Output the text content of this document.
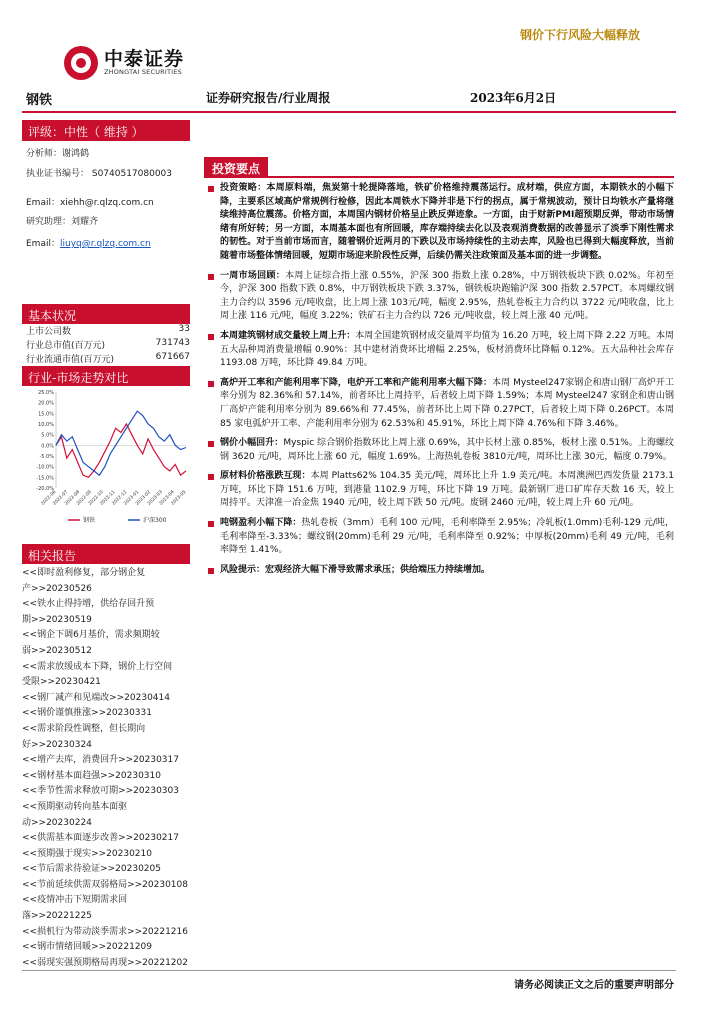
中泰证券
ZHONGTAI SECURITIES
钢价下行风险大幅释放
钢铁	证券研究报告/行业周报	2023年6月2日
评级：中性（ 维持 ）
分析师：谢鸿鹤
执业证书编号： S0740517080003
Email：xiehh@r.qlzq.com.cn
研究助理：刘耀齐
Email：liuyq@r.qlzq.com.cn
基本状况
行业-市场走势对比
25.0%
20.0%
15.0%
10.0%
5.0%
0.0%
-5.0%
-10.0%
-15.0%
-20.0%
2022-06
2022-07
2022-08
2022-09
2022-10
2022-11
2022-12
2023-01
2023-02
2023-03
2023-04
2023-05
钢铁	沪深300
相关报告
<<即时盈利修复，部分钢企复
产>>20230526
<<铁水止得持增，供给存回升预
期>>20230519
<<钢企下调6月基价，需求频期较
弱>>20230512
<<需求放缓成本下降，钢价上行空间
受限>>20230421
<<钢厂减产和见端改>>20230414
<<钢价谨慎推涨>>20230331
<<需求阶段性调整，但长期向
好>>20230324
<<增产去库，消费回升>>20230317
<<钢材基本面趋强>>20230310
<<季节性需求释放可期>>20230303
<<预期驱动转向基本面驱
动>>20230224
<<供需基本面逐步改善>>20230217
<<预期强于现实>>20230210
<<节后需求待验证>>20230205
<<节前延续供需双弱格局>>20230108
<<疫情冲击下短期需求回
落>>20221225
<<损机行为带动淡季需求>>20221216
<<钢市情绪回暖>>20221209
<<弱现实强预期格局再现>>20221202
投资要点
投资策略：本周原料端，焦炭第十轮提降落地，铁矿价格维持震荡运行。成材端，供应方面，本期铁水的小幅下降，主要系区域高炉常规例行检修，因此本周铁水下降并非是下行的拐点，属于常规波动，预计日均铁水产量将继续维持高位震荡。价格方面，本周国内钢材价格呈止跌反弹迹象。一方面，由于财新PMI超预期反弹，带动市场情绪有所好转；另一方面，本周基本面也有所回暖，库存端持续去化以及表观消费数据的改善显示了淡季下刚性需求的韧性。对于当前市场而言，随着钢价近两月的下跌以及市场持续性的主动去库，风险也已得到大幅度释放，当前随着市场整体情绪回暖，短期市场迎来阶段性反弹，后续仍需关注政策面及基本面的进一步调整。
一周市场回顾：本周上证综合指上涨 0.55%，沪深 300 指数上涨 0.28%，中万钢铁板块下跌 0.02%。年初至今，沪深 300 指数下跌 0.8%，中万钢铁板块下跌 3.37%，钢铁板块跑输沪深 300 指数 2.57PCT。本周螺纹钢主力合约以 3596 元/吨收盘，比上周上涨 103元/吨，幅度 2.95%，热轧卷板主力合约以 3722 元/吨收盘，比上周上涨 116 元/吨，幅度 3.22%；铁矿石主力合约以 726 元/吨收盘，较上周上涨 40 元/吨。
本周建筑钢材成交量较上周上升：本周全国建筑钢材成交量周平均值为 16.20 万吨，较上周下降 2.22 万吨。本周五大品种周消费量增幅 0.90%：其中建材消费环比增幅 2.25%，板材消费环比降幅 0.12%。五大品种社会库存 1193.08 万吨，环比降 49.84 万吨。
高炉开工率和产能利用率下降，电炉开工率和产能利用率大幅下降：本周 Mysteel247家钢企和唐山钢厂高炉开工率分别为 82.36%和 57.14%，前者环比上周持平，后者较上周下降 1.59%；本周 Mysteel247 家钢企和唐山钢厂高炉产能利用率分别为 89.66%和 77.45%，前者环比上周下降 0.27PCT，后者较上周下降 0.26PCT。本周 85 家电弧炉开工率、产能利用率分别为 62.53%和 45.91%，环比上周下降 4.76%和下降 3.46%。
钢价小幅回升：Myspic 综合钢价指数环比上周上涨 0.69%，其中长材上涨 0.85%，板材上涨 0.51%。上海螺纹钢 3620 元/吨，周环比上涨 60 元，幅度 1.69%。上海热轧卷板 3810元/吨，周环比上涨 30元，幅度 0.79%。
原材料价格涨跌互现：本周 Platts62% 104.35 美元/吨，周环比上升 1.9 美元/吨。本周澳洲巴西发货量 2173.1 万吨，环比下降 151.6 万吨，到港量 1102.9 万吨，环比下降 19 万吨。最新钢厂进口矿库存天数 16 天，较上周持平。天津准一冶金焦 1940 元/吨，较上周下跌 50 元/吨。废钢 2460 元/吨，较上周上升 60 元/吨。
吨钢盈利小幅下降：热轧卷板（3mm）毛利 100 元/吨，毛利率降至 2.95%；冷轧板(1.0mm)毛利-129 元/吨，毛利率降至-3.33%；螺纹钢(20mm)毛利 29 元/吨，毛利率降至 0.92%；中厚板(20mm)毛利 49 元/吨，毛利率降至 1.41%。
风险提示：宏观经济大幅下滑导致需求承压；供给端压力持续增加。
请务必阅读正文之后的重要声明部分
上市公司数	33
行业总市值(百万元)	731743
行业流通市值(百万元)	671667
